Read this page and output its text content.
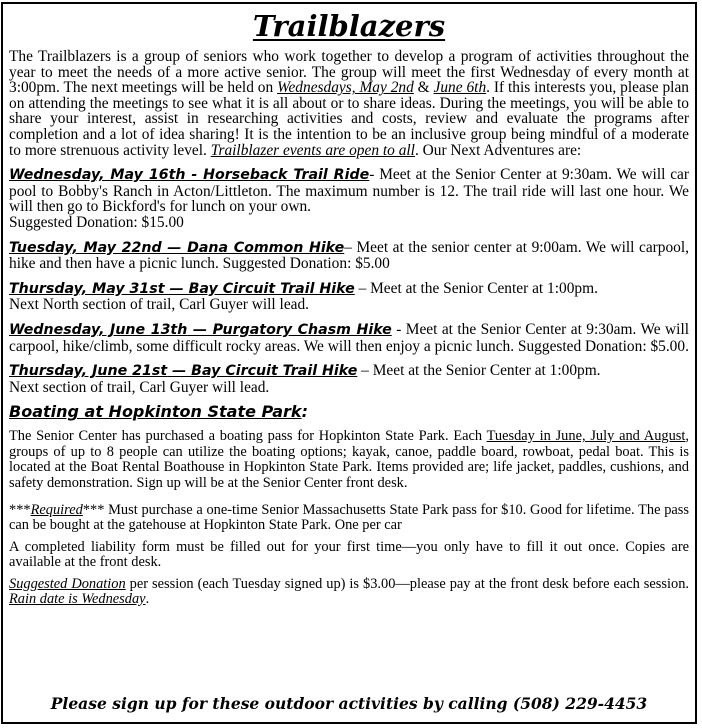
Trailblazers

The Trailblazers is a group of seniors who work together to develop a program of activities throughout the year to meet the needs of a more active senior. The group will meet the first Wednesday of every month at 3:00pm. The next meetings will be held on Wednesdays, May 2nd & June 6th. If this interests you, please plan on attending the meetings to see what it is all about or to share ideas. During the meetings, you will be able to share your interest, assist in researching activities and costs, review and evaluate the programs after completion and a lot of idea sharing! It is the intention to be an inclusive group being mindful of a moderate to more strenuous activity level. Trailblazer events are open to all. Our Next Adventures are:

Wednesday, May 16th - Horseback Trail Ride- Meet at the Senior Center at 9:30am. We will car pool to Bobby's Ranch in Acton/Littleton. The maximum number is 12. The trail ride will last one hour. We will then go to Bickford's for lunch on your own.
Suggested Donation: $15.00

Tuesday, May 22nd — Dana Common Hike– Meet at the senior center at 9:00am. We will carpool, hike and then have a picnic lunch. Suggested Donation: $5.00

Thursday, May 31st — Bay Circuit Trail Hike – Meet at the Senior Center at 1:00pm.
Next North section of trail, Carl Guyer will lead.

Wednesday, June 13th — Purgatory Chasm Hike - Meet at the Senior Center at 9:30am. We will carpool, hike/climb, some difficult rocky areas. We will then enjoy a picnic lunch. Suggested Donation: $5.00.

Thursday, June 21st — Bay Circuit Trail Hike – Meet at the Senior Center at 1:00pm.
Next section of trail, Carl Guyer will lead.

Boating at Hopkinton State Park:

The Senior Center has purchased a boating pass for Hopkinton State Park. Each Tuesday in June, July and August, groups of up to 8 people can utilize the boating options; kayak, canoe, paddle board, rowboat, pedal boat. This is located at the Boat Rental Boathouse in Hopkinton State Park. Items provided are; life jacket, paddles, cushions, and safety demonstration. Sign up will be at the Senior Center front desk.

***Required*** Must purchase a one-time Senior Massachusetts State Park pass for $10. Good for lifetime. The pass can be bought at the gatehouse at Hopkinton State Park. One per car

A completed liability form must be filled out for your first time—you only have to fill it out once. Copies are available at the front desk.

Suggested Donation per session (each Tuesday signed up) is $3.00—please pay at the front desk before each session. Rain date is Wednesday.

Please sign up for these outdoor activities by calling (508) 229-4453
